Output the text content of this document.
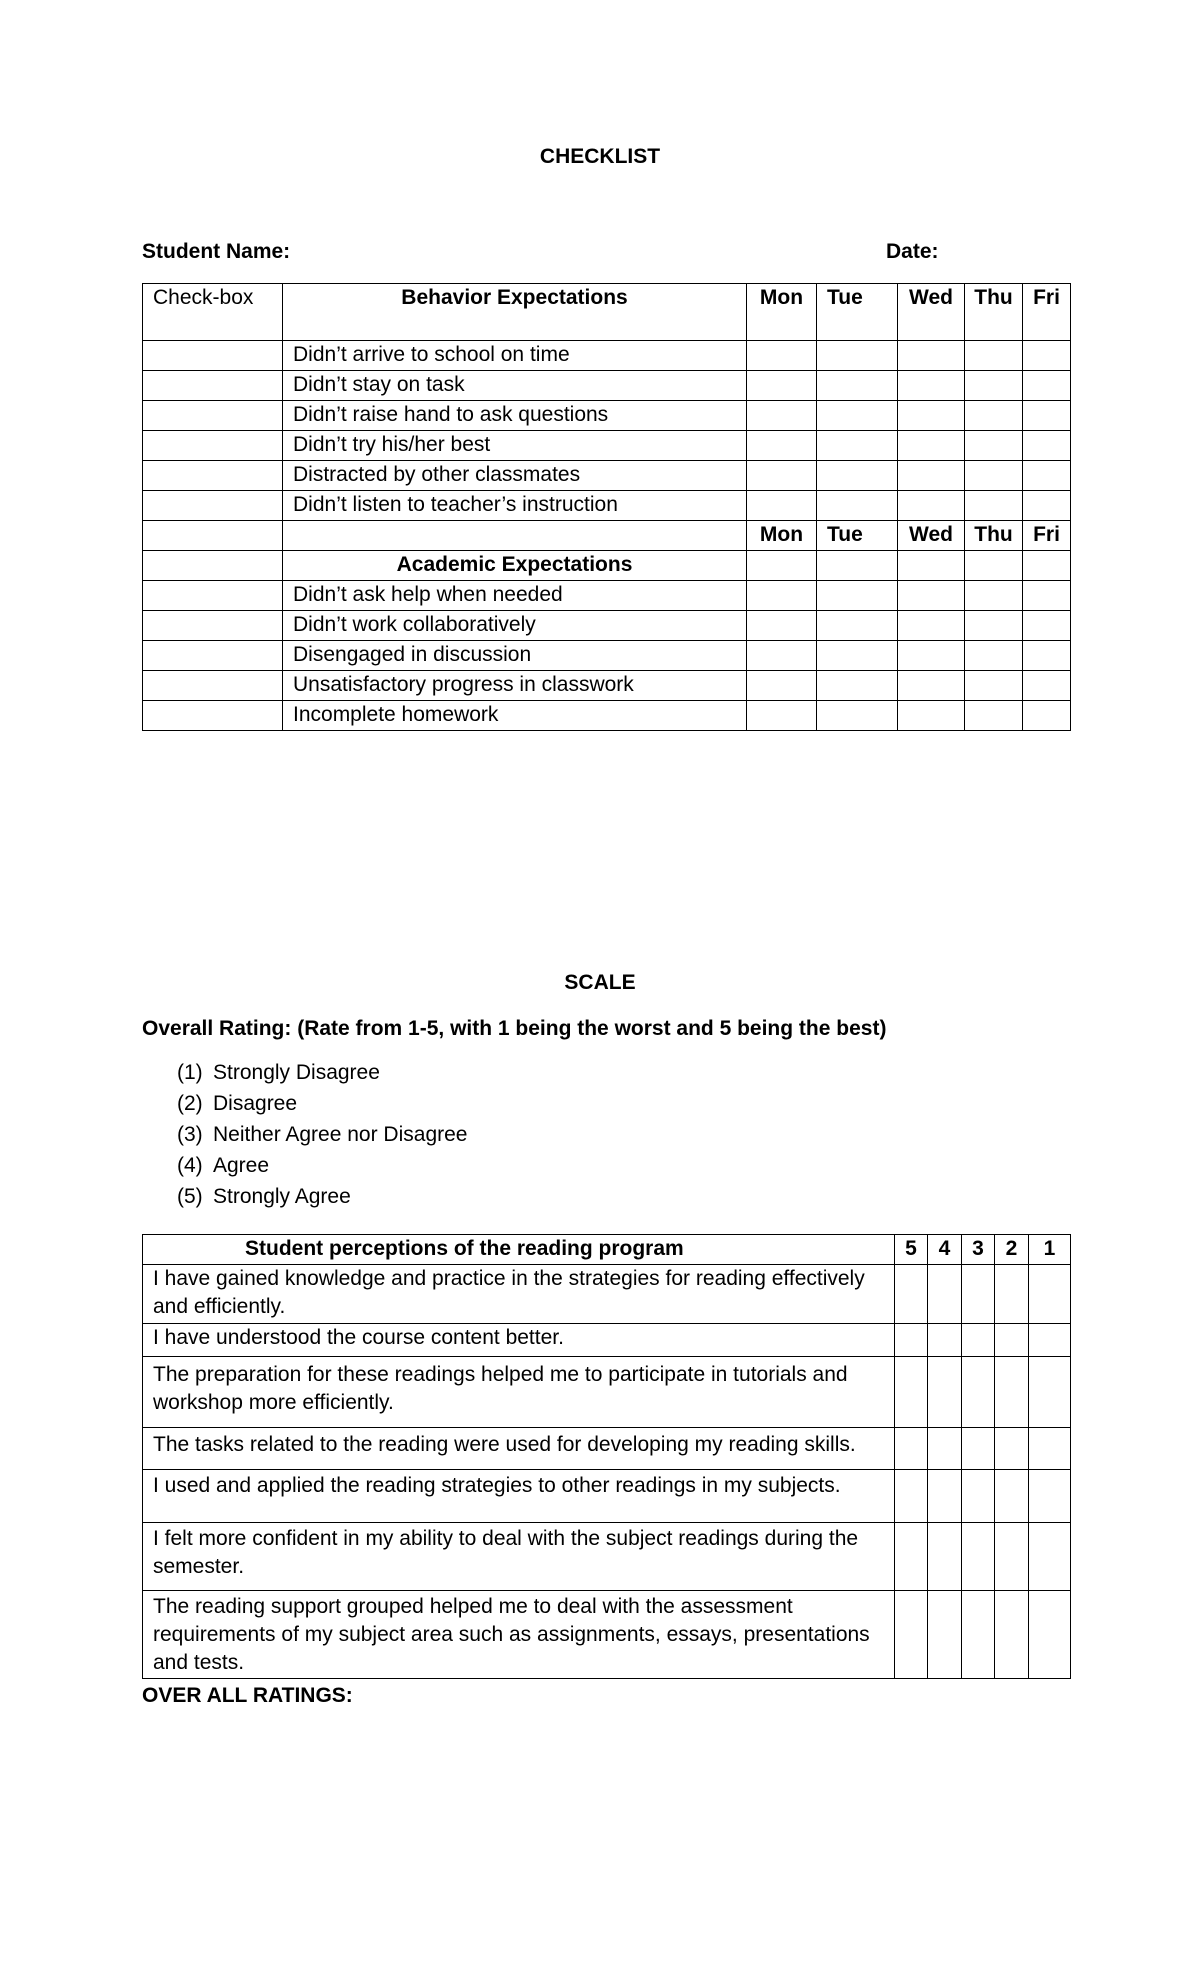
CHECKLIST
Student Name:	Date:
Check-box	Behavior Expectations	Mon	Tue	Wed	Thu	Fri
	Didn’t arrive to school on time					
	Didn’t stay on task					
	Didn’t raise hand to ask questions					
	Didn’t try his/her best					
	Distracted by other classmates					
	Didn’t listen to teacher’s instruction					
		Mon	Tue	Wed	Thu	Fri
	Academic Expectations					
	Didn’t ask help when needed					
	Didn’t work collaboratively					
	Disengaged in discussion					
	Unsatisfactory progress in classwork					
	Incomplete homework					
SCALE
Overall Rating: (Rate from 1-5, with 1 being the worst and 5 being the best)
(1) Strongly Disagree
(2) Disagree
(3) Neither Agree nor Disagree
(4) Agree
(5) Strongly Agree
Student perceptions of the reading program	5	4	3	2	1
I have gained knowledge and practice in the strategies for reading effectively and efficiently.					
I have understood the course content better.					
The preparation for these readings helped me to participate in tutorials and workshop more efficiently.					
The tasks related to the reading were used for developing my reading skills.					
I used and applied the reading strategies to other readings in my subjects.					
I felt more confident in my ability to deal with the subject readings during the semester.					
The reading support grouped helped me to deal with the assessment requirements of my subject area such as assignments, essays, presentations and tests.					
OVER ALL RATINGS:
